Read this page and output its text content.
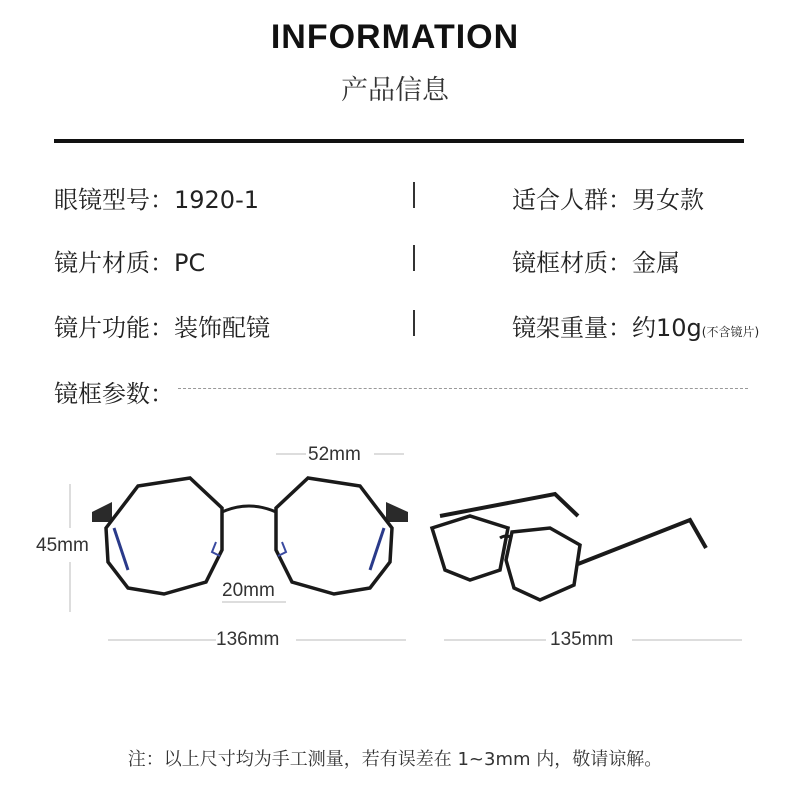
INFORMATION
产品信息
眼镜型号：1920-1	适合人群：男女款
镜片材质：PC	镜框材质：金属
镜片功能：装饰配镜	镜架重量：约10g(不含镜片)
镜框参数：
52mm
45mm
20mm
136mm	135mm
注：以上尺寸均为手工测量，若有误差在 1~3mm 内，敬请谅解。
